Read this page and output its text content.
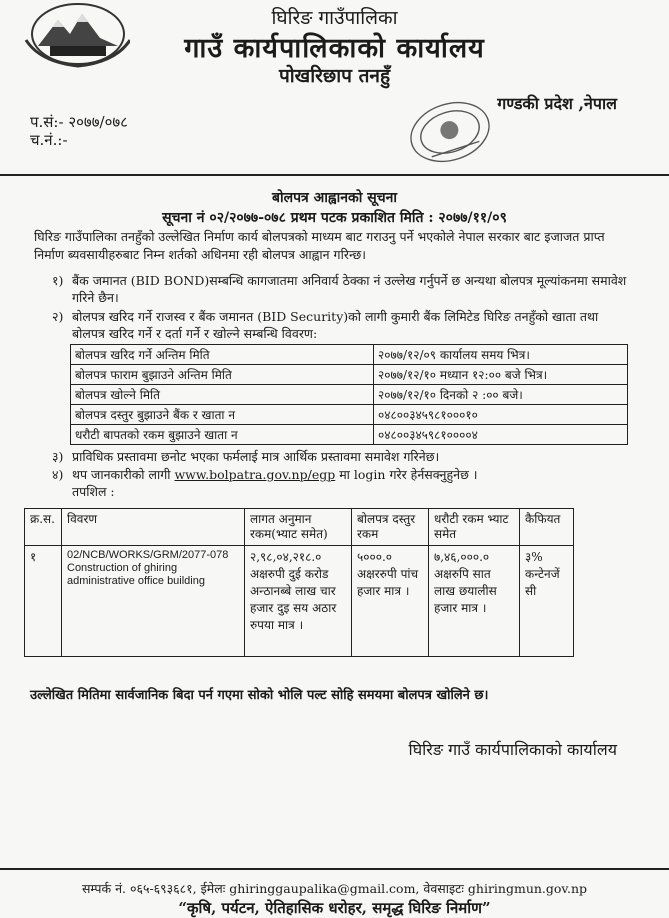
घिरिङ गाउँपालिका
गाउँ कार्यपालिकाको कार्यालय
पोखरिछाप तनहुँ
प.सं:- २०७७/०७८
च.नं.:-
गण्डकी प्रदेश ,नेपाल
बोलपत्र आह्वानको सूचना
सूचना नं ०२/२०७७-०७८ प्रथम पटक प्रकाशित मिति : २०७७/११/०९
घिरिङ गाउँपालिका तनहुँको उल्लेखित निर्माण कार्य बोलपत्रको माध्यम बाट गराउनु पर्ने भएकोले नेपाल सरकार बाट इजाजत प्राप्त निर्माण ब्यवसायीहरुबाट निम्न शर्तको अधिनमा रही बोलपत्र आह्वान गरिन्छ।
१) बैंक जमानत (BID BOND)सम्बन्धि कागजातमा अनिवार्य ठेक्का नं उल्लेख गर्नुपर्ने छ अन्यथा बोलपत्र मूल्यांकनमा समावेश गरिने छैन।
२) बोलपत्र खरिद गर्ने राजस्व र बैंक जमानत (BID Security)को लागी कुमारी बैंक लिमिटेड घिरिङ तनहुँको खाता तथा बोलपत्र खरिद गर्ने र दर्ता गर्ने र खोल्ने सम्बन्धि विवरण:
बोलपत्र खरिद गर्ने अन्तिम मिति	२०७७/१२/०९ कार्यालय समय भित्र।
बोलपत्र फाराम बुझाउने अन्तिम मिति	२०७७/१२/१० मध्यान १२:०० बजे भित्र।
बोलपत्र खोल्ने मिति	२०७७/१२/१० दिनको २ :०० बजे।
बोलपत्र दस्तुर बुझाउने बैंक र खाता न	०४८००३४५९८१०००१०
धरौटी बापतको रकम बुझाउने खाता न	०४८००३४५९८१००००४
३) प्राविधिक प्रस्तावमा छनोट भएका फर्मलाई मात्र आर्थिक प्रस्तावमा समावेश गरिनेछ।
४) थप जानकारीको लागी www.bolpatra.gov.np/egp मा login गरेर हेर्नसक्नुहुनेछ ।
तपशिल :
क्र.स.	विवरण	लागत अनुमान रकम(भ्याट समेत)	बोलपत्र दस्तुर रकम	धरौटी रकम भ्याट समेत	कैफियत
१	02/NCB/WORKS/GRM/2077-078
Construction of ghiring administrative office building	२,९८,०४,२१८.० अक्षरुपी दुई करोड अन्ठानब्बे लाख चार हजार दुइ सय अठार रुपया मात्र ।	५०००.० अक्षररुपी पांच हजार मात्र ।	७,४६,०००.० अक्षरुपि सात लाख छयालीस हजार मात्र ।	३% कन्टेनजें सी
उल्लेखित मितिमा सार्वजानिक बिदा पर्न गएमा सोको भोलि पल्ट सोहि समयमा बोलपत्र खोलिने छ।
घिरिङ गाउँ कार्यपालिकाको कार्यालय
सम्पर्क नं. ०६५-६९३६८१, ईमेलः ghiringgaupalika@gmail.com, वेवसाइटः ghiringmun.gov.np
“कृषि, पर्यटन, ऐतिहासिक धरोहर, समृद्ध घिरिङ निर्माण”
